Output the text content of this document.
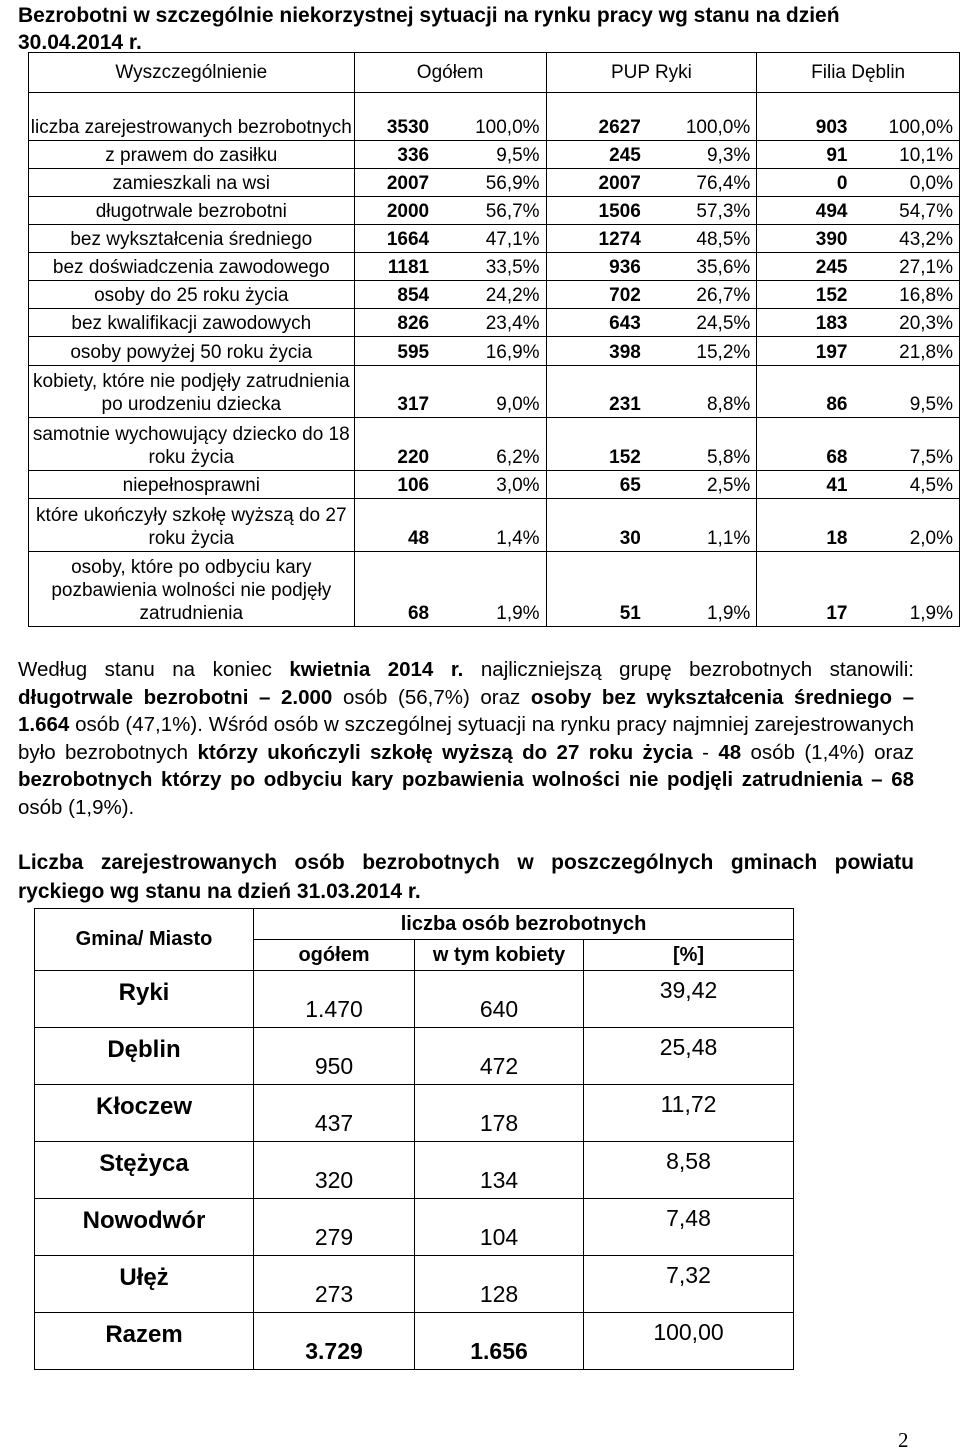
Bezrobotni w szczególnie niekorzystnej sytuacji na rynku pracy wg stanu na dzień 30.04.2014 r.
Wyszczególnienie	Ogółem		PUP Ryki		Filia Dęblin	
liczba zarejestrowanych bezrobotnych	3530	100,0%	2627	100,0%	903	100,0%
z prawem do zasiłku	336	9,5%	245	9,3%	91	10,1%
zamieszkali na wsi	2007	56,9%	2007	76,4%	0	0,0%
długotrwale bezrobotni	2000	56,7%	1506	57,3%	494	54,7%
bez wykształcenia średniego	1664	47,1%	1274	48,5%	390	43,2%
bez doświadczenia zawodowego	1181	33,5%	936	35,6%	245	27,1%
osoby do 25 roku życia	854	24,2%	702	26,7%	152	16,8%
bez kwalifikacji zawodowych	826	23,4%	643	24,5%	183	20,3%
osoby powyżej 50 roku życia	595	16,9%	398	15,2%	197	21,8%
kobiety, które nie podjęły zatrudnienia po urodzeniu dziecka	317	9,0%	231	8,8%	86	9,5%
samotnie wychowujący dziecko do 18 roku życia	220	6,2%	152	5,8%	68	7,5%
niepełnosprawni	106	3,0%	65	2,5%	41	4,5%
które ukończyły szkołę wyższą do 27 roku życia	48	1,4%	30	1,1%	18	2,0%
osoby, które po odbyciu kary pozbawienia wolności nie podjęły zatrudnienia	68	1,9%	51	1,9%	17	1,9%
Według stanu na koniec kwietnia 2014 r. najliczniejszą grupę bezrobotnych stanowili: długotrwale bezrobotni – 2.000 osób (56,7%) oraz osoby bez wykształcenia średniego – 1.664 osób (47,1%). Wśród osób w szczególnej sytuacji na rynku pracy najmniej zarejestrowanych było bezrobotnych którzy ukończyli szkołę wyższą do 27 roku życia - 48 osób (1,4%) oraz bezrobotnych którzy po odbyciu kary pozbawienia wolności nie podjęli zatrudnienia – 68 osób (1,9%).
Liczba zarejestrowanych osób bezrobotnych w poszczególnych gminach powiatu ryckiego wg stanu na dzień 31.03.2014 r.
Gmina/ Miasto	liczba osób bezrobotnych		
	ogółem	w tym kobiety	[%]
Ryki	1.470	640	39,42
Dęblin	950	472	25,48
Kłoczew	437	178	11,72
Stężyca	320	134	8,58
Nowodwór	279	104	7,48
Ułęż	273	128	7,32
Razem	3.729	1.656	100,00
2
